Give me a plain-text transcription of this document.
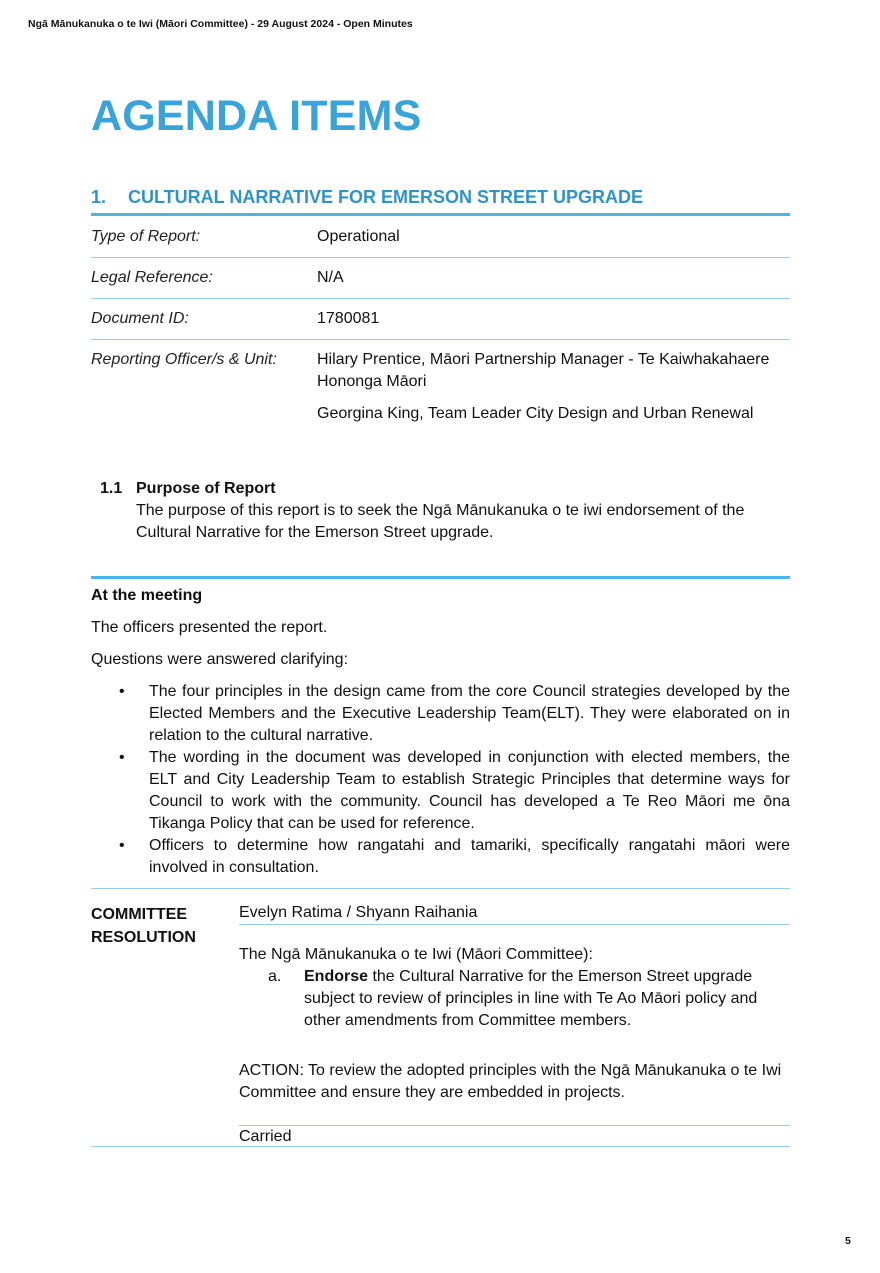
Ngā Mānukanuka o te Iwi (Māori Committee) - 29 August 2024 - Open Minutes
AGENDA ITEMS
1. CULTURAL NARRATIVE FOR EMERSON STREET UPGRADE
Type of Report:	Operational

Legal Reference:	N/A

Document ID:	1780081

Reporting Officer/s & Unit:	Hilary Prentice, Māori Partnership Manager - Te Kaiwhakahaere Hononga Māori

Georgina King, Team Leader City Design and Urban Renewal

1.1 Purpose of Report
The purpose of this report is to seek the Ngā Mānukanuka o te iwi endorsement of the Cultural Narrative for the Emerson Street upgrade.

At the meeting

The officers presented the report.

Questions were answered clarifying:

• The four principles in the design came from the core Council strategies developed by the Elected Members and the Executive Leadership Team(ELT). They were elaborated on in relation to the cultural narrative.
• The wording in the document was developed in conjunction with elected members, the ELT and City Leadership Team to establish Strategic Principles that determine ways for Council to work with the community. Council has developed a Te Reo Māori me ōna Tikanga Policy that can be used for reference.
• Officers to determine how rangatahi and tamariki, specifically rangatahi māori were involved in consultation.
COMMITTEE
RESOLUTION
Evelyn Ratima / Shyann Raihania

The Ngā Mānukanuka o te Iwi (Māori Committee):

a. Endorse the Cultural Narrative for the Emerson Street upgrade subject to review of principles in line with Te Ao Māori policy and other amendments from Committee members.

ACTION: To review the adopted principles with the Ngā Mānukanuka o te Iwi Committee and ensure they are embedded in projects.

Carried
5
